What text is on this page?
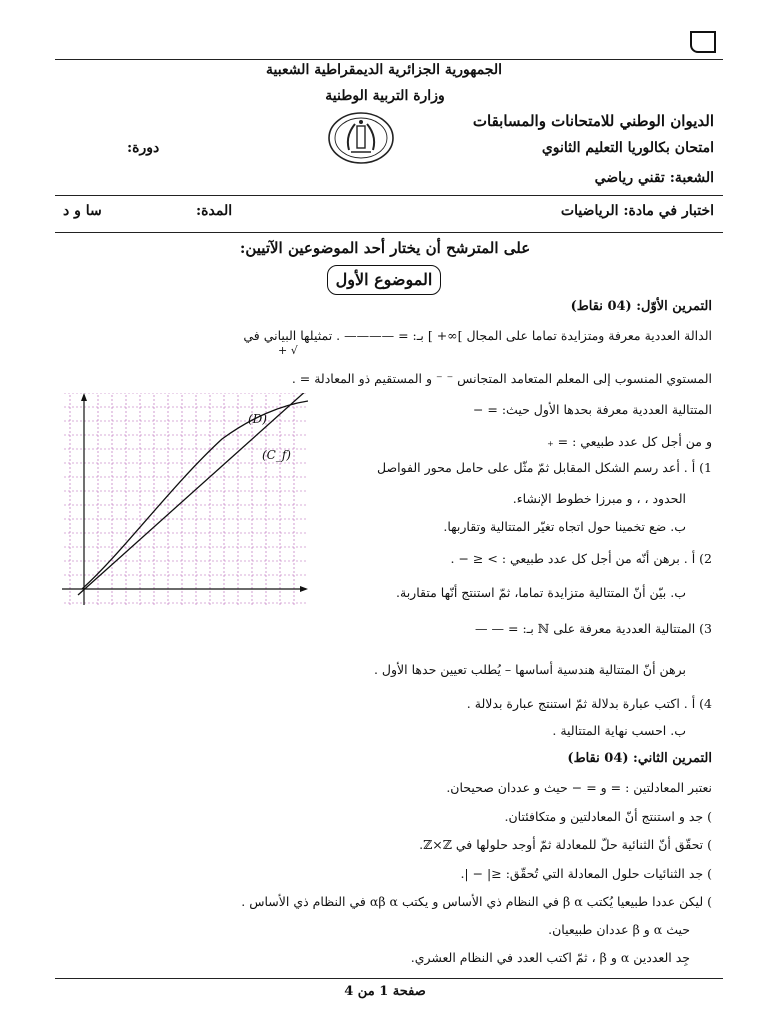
الجمهورية الجزائرية الديمقراطية الشعبية
وزارة التربية الوطنية
الديوان الوطني للامتحانات والمسابقات
امتحان بكالوريا التعليم الثانوي
دورة:
الشعبة: تقني رياضي
اختبار في مادة: الرياضيات
المدة:
سا و د
على المترشح أن يختار أحد الموضوعين الآتيين:
الموضوع الأول
التمرين الأوّل: (04 نقاط)
الدالة العددية معرفة ومتزايدة تماما على المجال ]∞+ ] بـ: = ———— . تمثيلها البياني في
√ +
المستوي المنسوب إلى المعلم المتعامد المتجانس ⁻ ⁻ و المستقيم ذو المعادلة = .
المتتالية العددية معرفة بحدها الأول حيث: = −
و من أجل كل عدد طبيعي : = ₊
1) أ . أعد رسم الشكل المقابل ثمّ مثّل على حامل محور الفواصل
الحدود ، ، و مبرزا خطوط الإنشاء.
ب. ضع تخمينا حول اتجاه تغيّر المتتالية وتقاربها.
2) أ . برهن أنّه من أجل كل عدد طبيعي : > ≤ − .
ب. بيّن أنّ المتتالية متزايدة تماما، ثمّ استنتج أنّها متقاربة.
3) المتتالية العددية معرفة على ℕ بـ: = — —
برهن أنّ المتتالية هندسية أساسها – يُطلب تعيين حدها الأول .
4) أ . اكتب عبارة بدلالة ثمّ استنتج عبارة بدلالة .
ب. احسب نهاية المتتالية .
(D)
(C_f)
التمرين الثاني: (04 نقاط)
نعتبر المعادلتين : = و = − حيث و عددان صحيحان.
) جد و استنتج أنّ المعادلتين و متكافئتان.
) تحقّق أنّ الثنائية حلّ للمعادلة ثمّ أوجد حلولها في ℤ×ℤ.
) جد الثنائيات حلول المعادلة التي تُحقّق: ≤| − |.
) ليكن عددا طبيعيا يُكتب β α في النظام ذي الأساس و يكتب αβ α في النظام ذي الأساس .
حيث α و β عددان طبيعيان.
جِد العددين α و β ، ثمّ اكتب العدد في النظام العشري.
صفحة 1 من 4
